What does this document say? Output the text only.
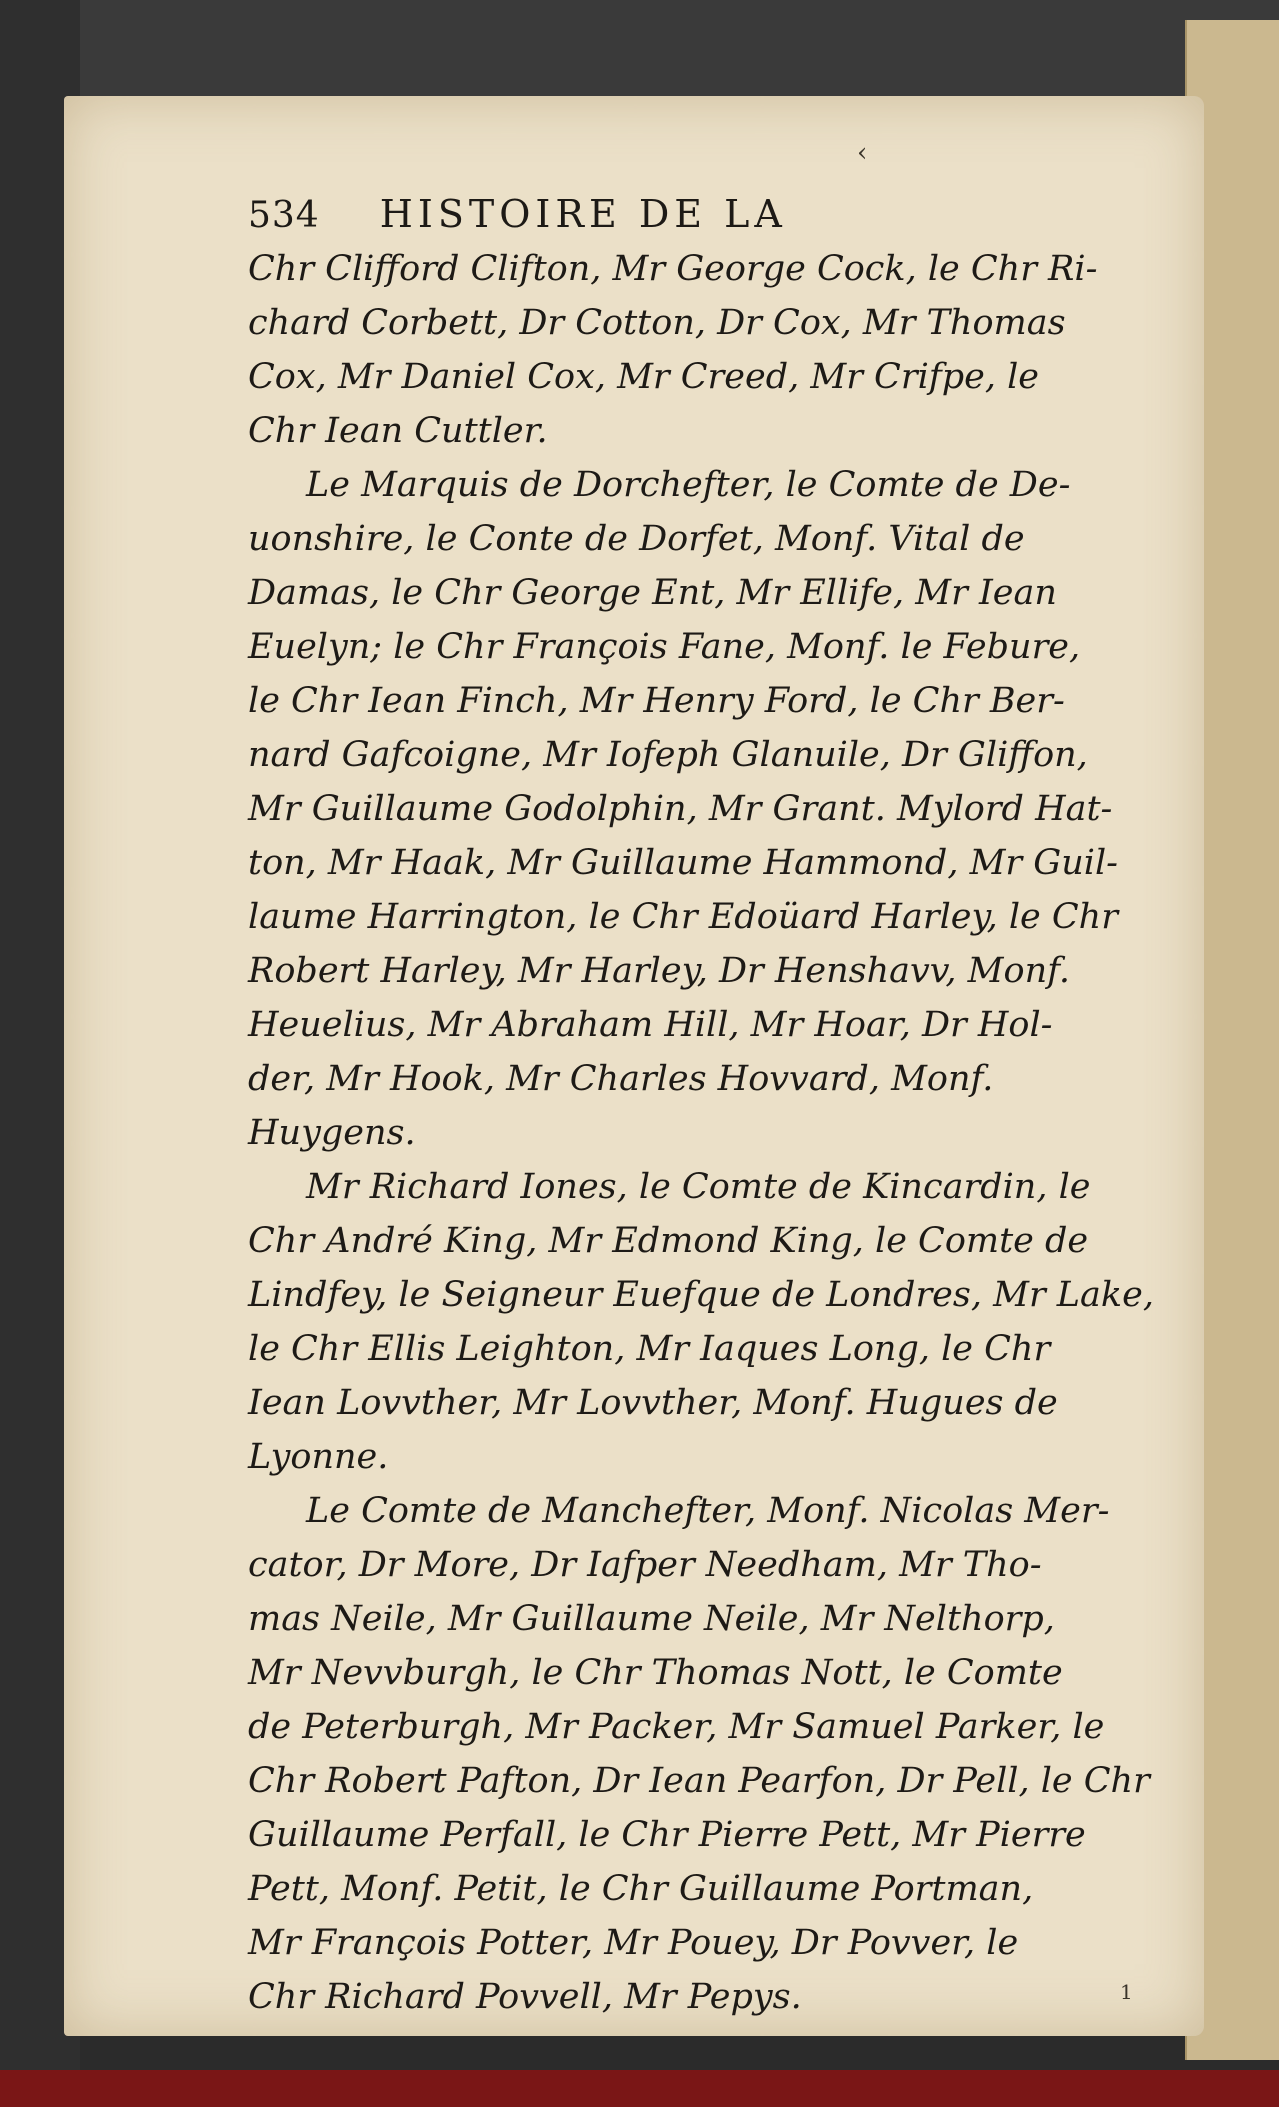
‹
534 HISTOIRE DE LA
Chr Clifford Clifton, Mr George Cock, le Chr Ri-
chard Corbett, Dr Cotton, Dr Cox, Mr Thomas
Cox, Mr Daniel Cox, Mr Creed, Mr Crifpe, le
Chr Iean Cuttler.
Le Marquis de Dorchefter, le Comte de De-
uonshire, le Conte de Dorfet, Monf. Vital de
Damas, le Chr George Ent, Mr Ellife, Mr Iean
Euelyn; le Chr François Fane, Monf. le Febure,
le Chr Iean Finch, Mr Henry Ford, le Chr Ber-
nard Gafcoigne, Mr Iofeph Glanuile, Dr Gliffon,
Mr Guillaume Godolphin, Mr Grant. Mylord Hat-
ton, Mr Haak, Mr Guillaume Hammond, Mr Guil-
laume Harrington, le Chr Edoüard Harley, le Chr
Robert Harley, Mr Harley, Dr Henshavv, Monf.
Heuelius, Mr Abraham Hill, Mr Hoar, Dr Hol-
der, Mr Hook, Mr Charles Hovvard, Monf.
Huygens.
Mr Richard Iones, le Comte de Kincardin, le
Chr André King, Mr Edmond King, le Comte de
Lindfey, le Seigneur Euefque de Londres, Mr Lake,
le Chr Ellis Leighton, Mr Iaques Long, le Chr
Iean Lovvther, Mr Lovvther, Monf. Hugues de
Lyonne.
Le Comte de Manchefter, Monf. Nicolas Mer-
cator, Dr More, Dr Iafper Needham, Mr Tho-
mas Neile, Mr Guillaume Neile, Mr Nelthorp,
Mr Nevvburgh, le Chr Thomas Nott, le Comte
de Peterburgh, Mr Packer, Mr Samuel Parker, le
Chr Robert Pafton, Dr Iean Pearfon, Dr Pell, le Chr
Guillaume Perfall, le Chr Pierre Pett, Mr Pierre
Pett, Monf. Petit, le Chr Guillaume Portman,
Mr François Potter, Mr Pouey, Dr Povver, le
Chr Richard Povvell, Mr Pepys.	1
